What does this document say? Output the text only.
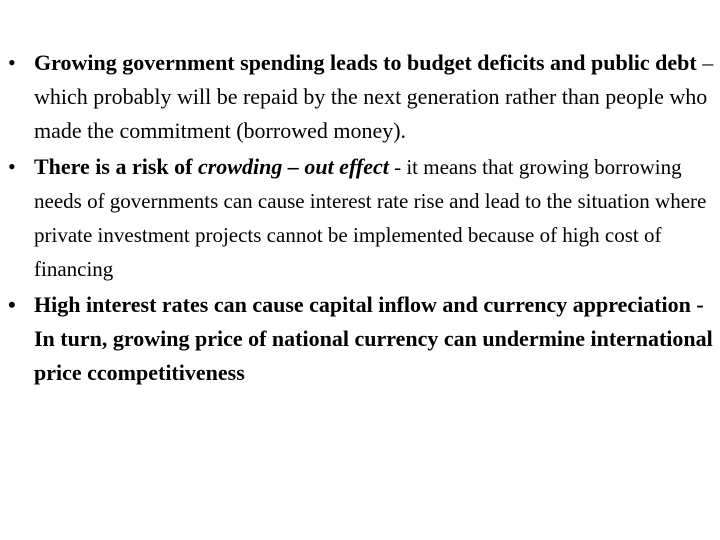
• Growing government spending leads to budget deficits and public debt – which probably will be repaid by the next generation rather than people who made the commitment (borrowed money).
• There is a risk of crowding – out effect - it means that growing borrowing needs of governments can cause interest rate rise and lead to the situation where private investment projects cannot be implemented because of high cost of financing
• High interest rates can cause capital inflow and currency appreciation - In turn, growing price of national currency can undermine international price ccompetitiveness
